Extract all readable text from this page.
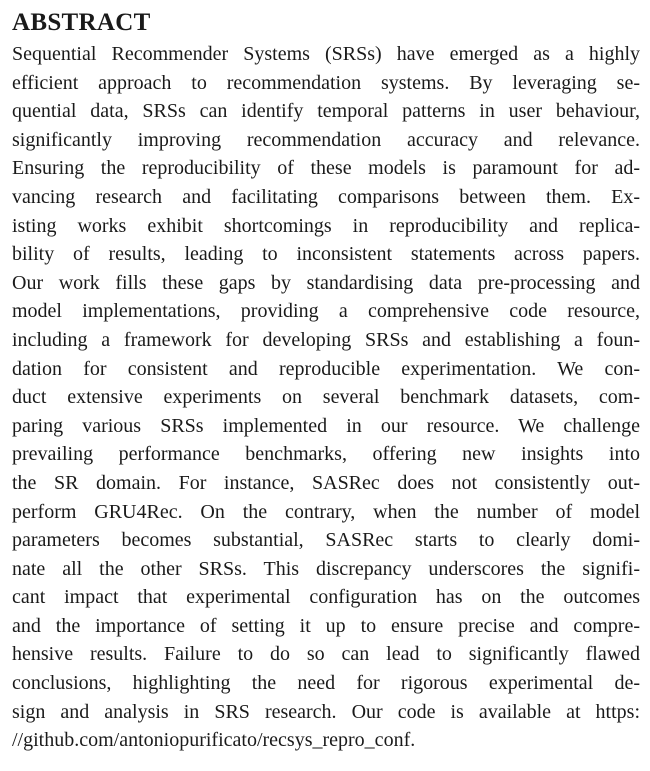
ABSTRACT
Sequential Recommender Systems (SRSs) have emerged as a highly
efficient approach to recommendation systems. By leveraging se-
quential data, SRSs can identify temporal patterns in user behaviour,
significantly improving recommendation accuracy and relevance.
Ensuring the reproducibility of these models is paramount for ad-
vancing research and facilitating comparisons between them. Ex-
isting works exhibit shortcomings in reproducibility and replica-
bility of results, leading to inconsistent statements across papers.
Our work fills these gaps by standardising data pre-processing and
model implementations, providing a comprehensive code resource,
including a framework for developing SRSs and establishing a foun-
dation for consistent and reproducible experimentation. We con-
duct extensive experiments on several benchmark datasets, com-
paring various SRSs implemented in our resource. We challenge
prevailing performance benchmarks, offering new insights into
the SR domain. For instance, SASRec does not consistently out-
perform GRU4Rec. On the contrary, when the number of model
parameters becomes substantial, SASRec starts to clearly domi-
nate all the other SRSs. This discrepancy underscores the signifi-
cant impact that experimental configuration has on the outcomes
and the importance of setting it up to ensure precise and compre-
hensive results. Failure to do so can lead to significantly flawed
conclusions, highlighting the need for rigorous experimental de-
sign and analysis in SRS research. Our code is available at https:
//github.com/antoniopurificato/recsys_repro_conf.
